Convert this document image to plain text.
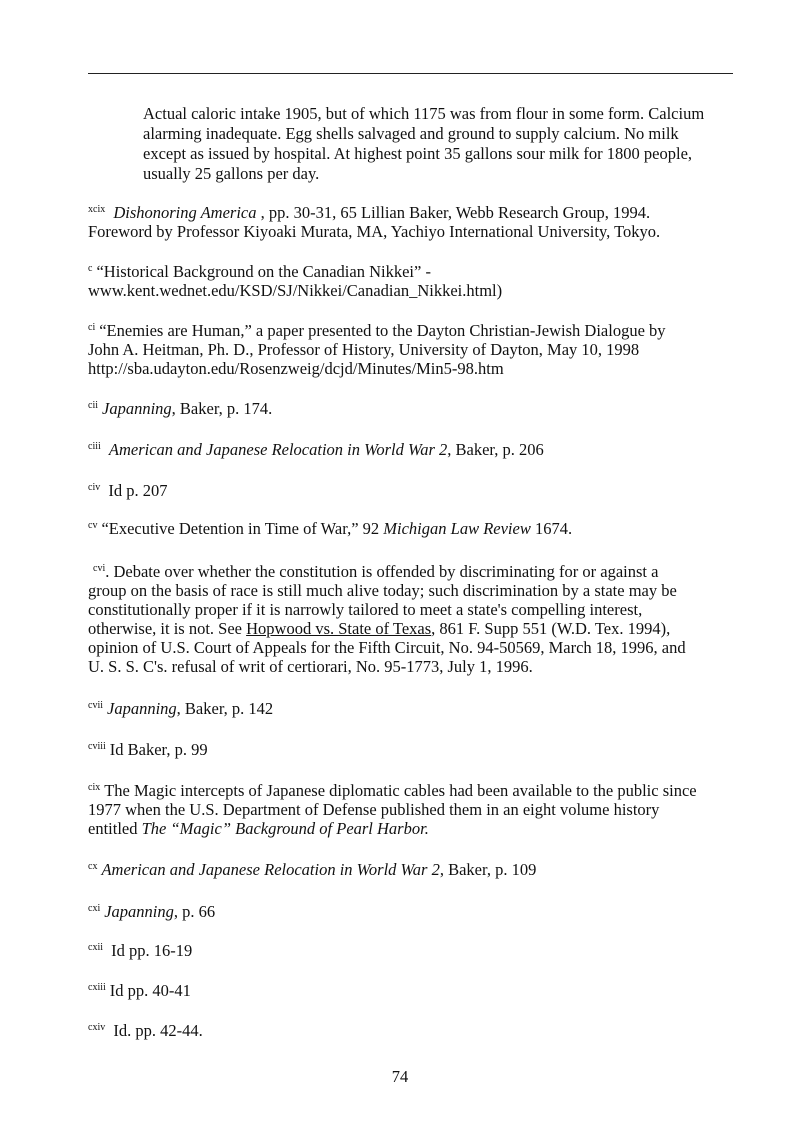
Actual caloric intake 1905, but of which 1175 was from flour in some form. Calcium
alarming inadequate. Egg shells salvaged and ground to supply calcium. No milk
except as issued by hospital. At highest point 35 gallons sour milk for 1800 people,
usually 25 gallons per day.
$^{xcix}$ Dishonoring America , pp. 30-31, 65 Lillian Baker, Webb Research Group, 1994.
Foreword by Professor Kiyoaki Murata, MA, Yachiyo International University, Tokyo.
$^c$ “Historical Background on the Canadian Nikkei” -
www.kent.wednet.edu/KSD/SJ/Nikkei/Canadian_Nikkei.html)
$^{ci}$ “Enemies are Human,” a paper presented to the Dayton Christian-Jewish Dialogue by
John A. Heitman, Ph. D., Professor of History, University of Dayton, May 10, 1998
http://sba.udayton.edu/Rosenzweig/dcjd/Minutes/Min5-98.htm
$^{cii}$ Japanning, Baker, p. 174.
$^{ciii}$ American and Japanese Relocation in World War 2, Baker, p. 206
$^{civ}$ Id p. 207
$^{cv}$ “Executive Detention in Time of War,” 92 Michigan Law Review 1674.
$^{cvi}$. Debate over whether the constitution is offended by discriminating for or against a
group on the basis of race is still much alive today; such discrimination by a state may be
constitutionally proper if it is narrowly tailored to meet a state's compelling interest,
otherwise, it is not. See Hopwood vs. State of Texas, 861 F. Supp 551 (W.D. Tex. 1994),
opinion of U.S. Court of Appeals for the Fifth Circuit, No. 94-50569, March 18, 1996, and
U. S. S. C's. refusal of writ of certiorari, No. 95-1773, July 1, 1996.
$^{cvii}$ Japanning, Baker, p. 142
$^{cviii}$ Id Baker, p. 99
$^{cix}$ The Magic intercepts of Japanese diplomatic cables had been available to the public since
1977 when the U.S. Department of Defense published them in an eight volume history
entitled The “Magic” Background of Pearl Harbor.
$^{cx}$ American and Japanese Relocation in World War 2, Baker, p. 109
$^{cxi}$ Japanning, p. 66
$^{cxii}$ Id pp. 16-19
$^{cxiii}$ Id pp. 40-41
$^{cxiv}$ Id. pp. 42-44.
74
